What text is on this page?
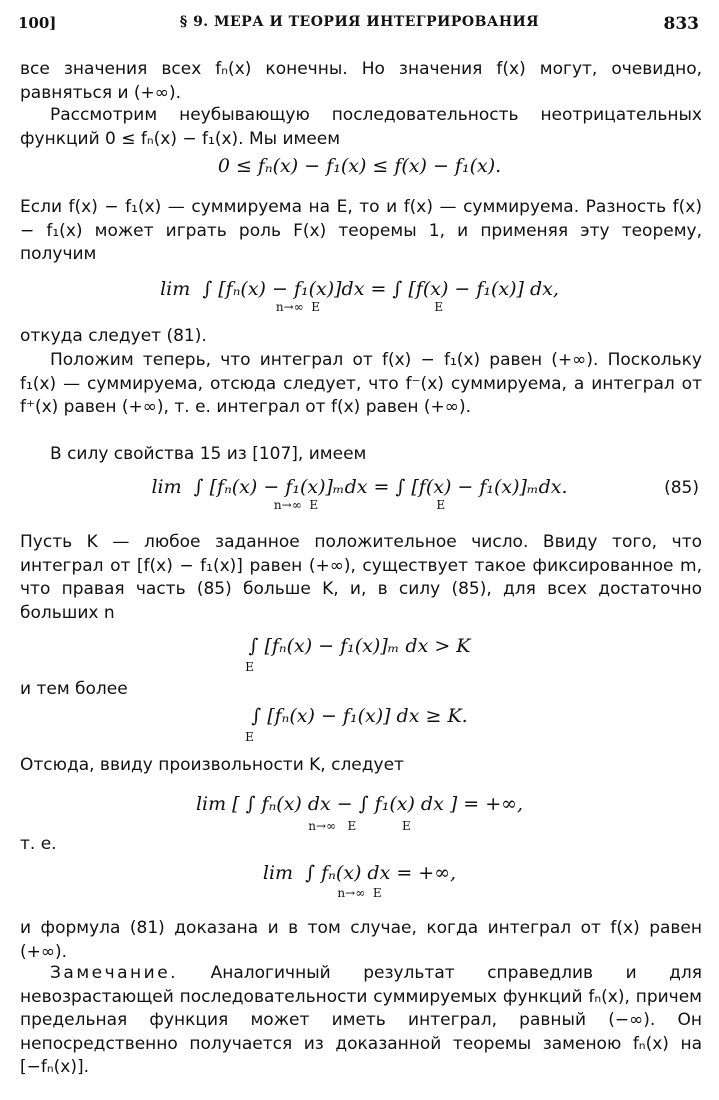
100]	§ 9. МЕРА И ТЕОРИЯ ИНТЕГРИРОВАНИЯ	833
все значения всех fₙ(x) конечны. Но значения f(x) могут, очевидно, равняться и (+∞).
Рассмотрим неубывающую последовательность неотрицательных функций 0 ≤ fₙ(x) − f₁(x). Мы имеем
0 ≤ fₙ(x) − f₁(x) ≤ f(x) − f₁(x).
Если f(x) − f₁(x) — суммируема на E, то и f(x) — суммируема. Разность f(x) − f₁(x) может играть роль F(x) теоремы 1, и применяя эту теорему, получим
lim  ∫ [fₙ(x) − f₁(x)]dx = ∫ [f(x) − f₁(x)] dx,
n→∞  E                              E
откуда следует (81).
Положим теперь, что интеграл от f(x) − f₁(x) равен (+∞). Поскольку f₁(x) — суммируема, отсюда следует, что f⁻(x) суммируема, а интеграл от f⁺(x) равен (+∞), т. е. интеграл от f(x) равен (+∞).
В силу свойства 15 из [107], имеем
lim  ∫ [fₙ(x) − f₁(x)]ₘdx = ∫ [f(x) − f₁(x)]ₘdx.
n→∞  E                               E
(85)
Пусть K — любое заданное положительное число. Ввиду того, что интеграл от [f(x) − f₁(x)] равен (+∞), существует такое фиксированное m, что правая часть (85) больше K, и, в силу (85), для всех достаточно больших n
∫ [fₙ(x) − f₁(x)]ₘ dx > K
E
и тем более
∫ [fₙ(x) − f₁(x)] dx ≥ K.
E
Отсюда, ввиду произвольности K, следует
lim [ ∫ fₙ(x) dx − ∫ f₁(x) dx ] = +∞,
n→∞   E            E
т. е.
lim  ∫ fₙ(x) dx = +∞,
n→∞  E
и формула (81) доказана и в том случае, когда интеграл от f(x) равен (+∞).
Замечание. Аналогичный результат справедлив и для невозрастающей последовательности суммируемых функций fₙ(x), причем предельная функция может иметь интеграл, равный (−∞). Он непосредственно получается из доказанной теоремы заменою fₙ(x) на [−fₙ(x)].
